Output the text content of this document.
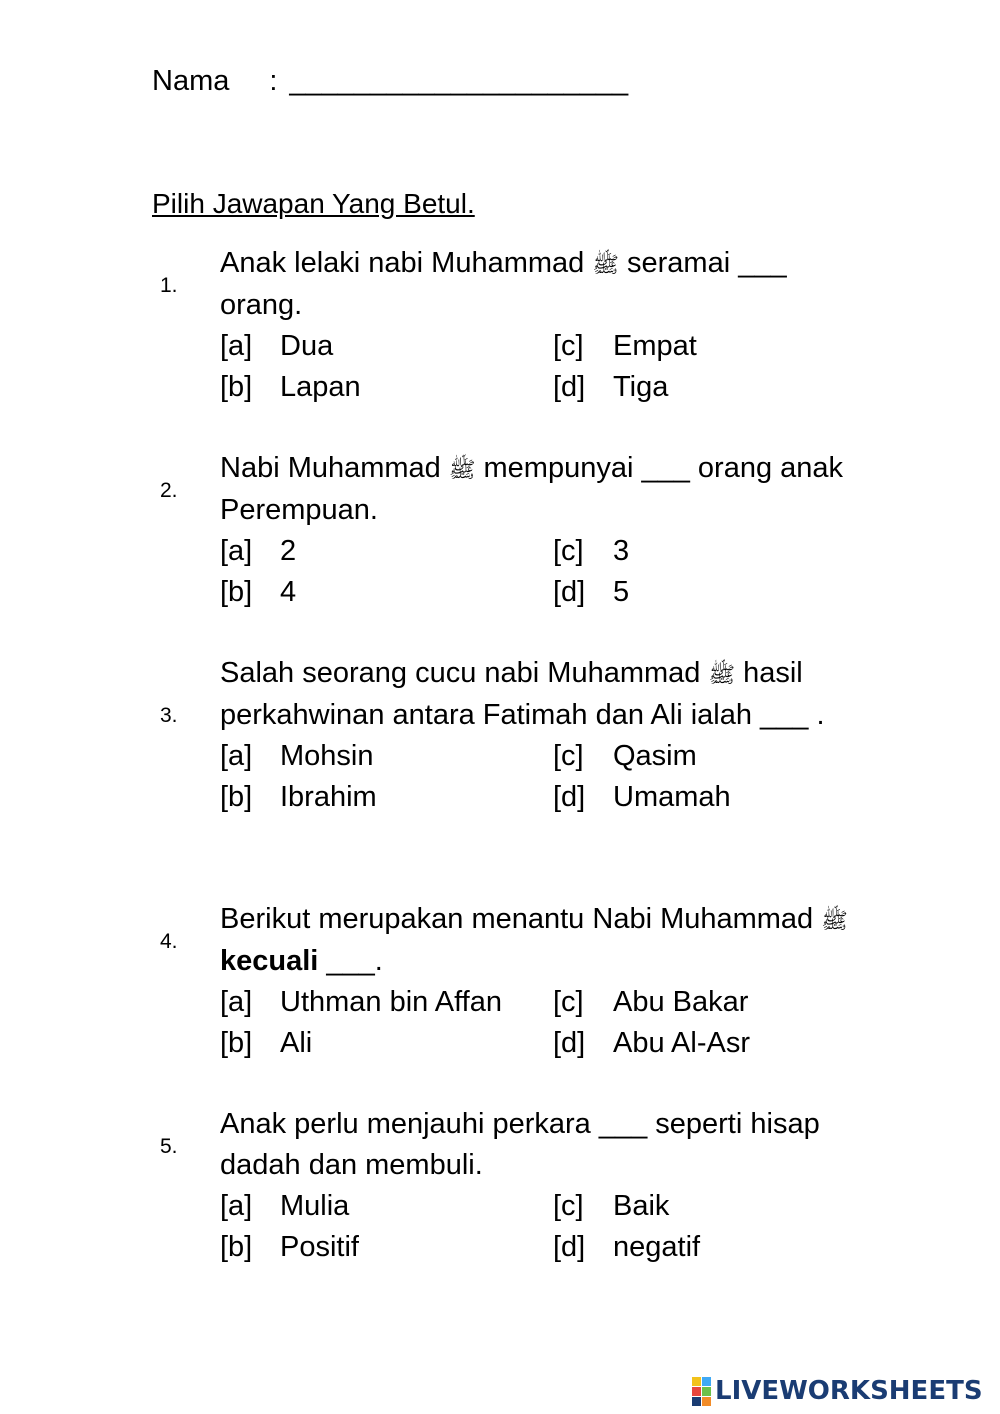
Nama : _____________________
Pilih Jawapan Yang Betul.
1.
Anak lelaki nabi Muhammad ﷺ seramai ___ orang.
[a] Dua	[c] Empat
[b] Lapan	[d] Tiga
2.
Nabi Muhammad ﷺ mempunyai ___ orang anak Perempuan.
[a] 2	[c] 3
[b] 4	[d] 5
3.
Salah seorang cucu nabi Muhammad ﷺ hasil perkahwinan antara Fatimah dan Ali ialah ___ .
[a] Mohsin	[c] Qasim
[b] Ibrahim	[d] Umamah
4.
Berikut merupakan menantu Nabi Muhammad ﷺ kecuali ___.
[a] Uthman bin Affan	[c] Abu Bakar
[b] Ali	[d] Abu Al-Asr
5.
Anak perlu menjauhi perkara ___ seperti hisap dadah dan membuli.
[a] Mulia	[c] Baik
[b] Positif	[d] negatif
LIVEWORKSHEETS
